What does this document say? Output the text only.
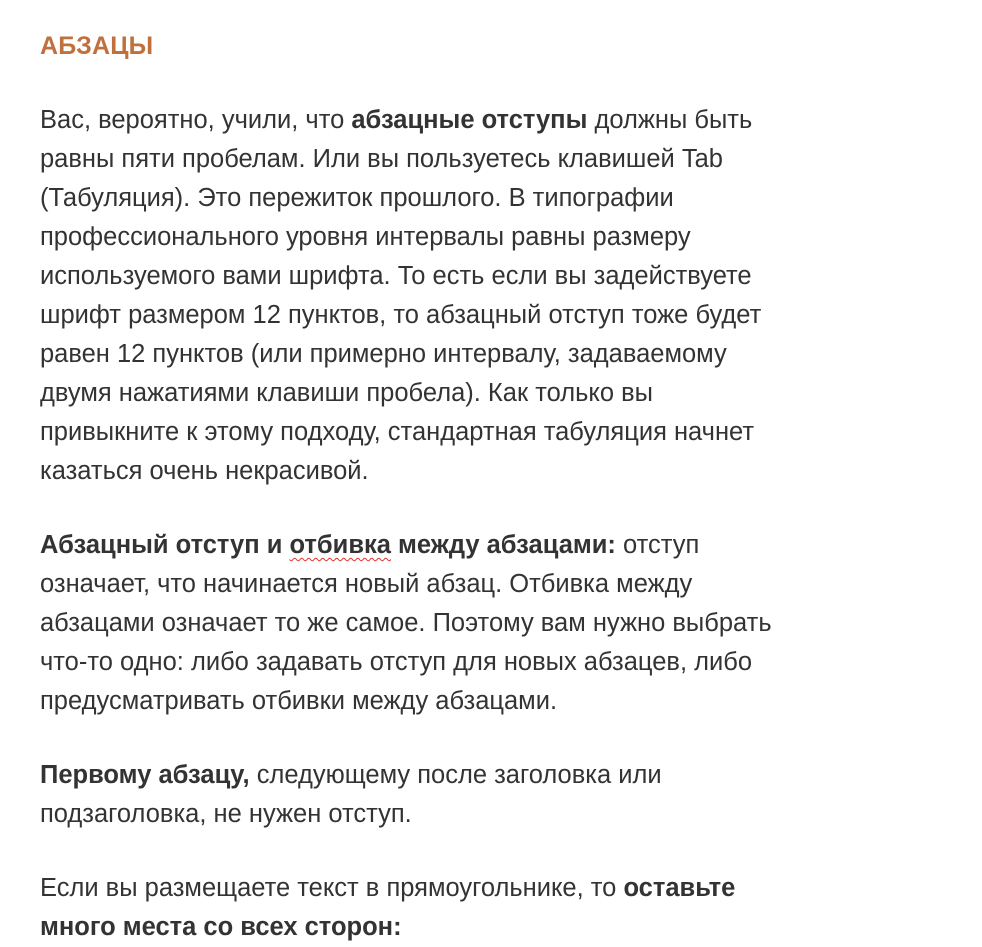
АБЗАЦЫ

Вас, вероятно, учили, что абзацные отступы должны быть
равны пяти пробелам. Или вы пользуетесь клавишей Tab
(Табуляция). Это пережиток прошлого. В типографии
профессионального уровня интервалы равны размеру
используемого вами шрифта. То есть если вы задействуете
шрифт размером 12 пунктов, то абзацный отступ тоже будет
равен 12 пунктов (или примерно интервалу, задаваемому
двумя нажатиями клавиши пробела). Как только вы
привыкните к этому подходу, стандартная табуляция начнет
казаться очень некрасивой.

Абзацный отступ и отбивка между абзацами: отступ
означает, что начинается новый абзац. Отбивка между
абзацами означает то же самое. Поэтому вам нужно выбрать
что-то одно: либо задавать отступ для новых абзацев, либо
предусматривать отбивки между абзацами.

Первому абзацу, следующему после заголовка или
подзаголовка, не нужен отступ.

Если вы размещаете текст в прямоугольнике, то оставьте
много места со всех сторон:
